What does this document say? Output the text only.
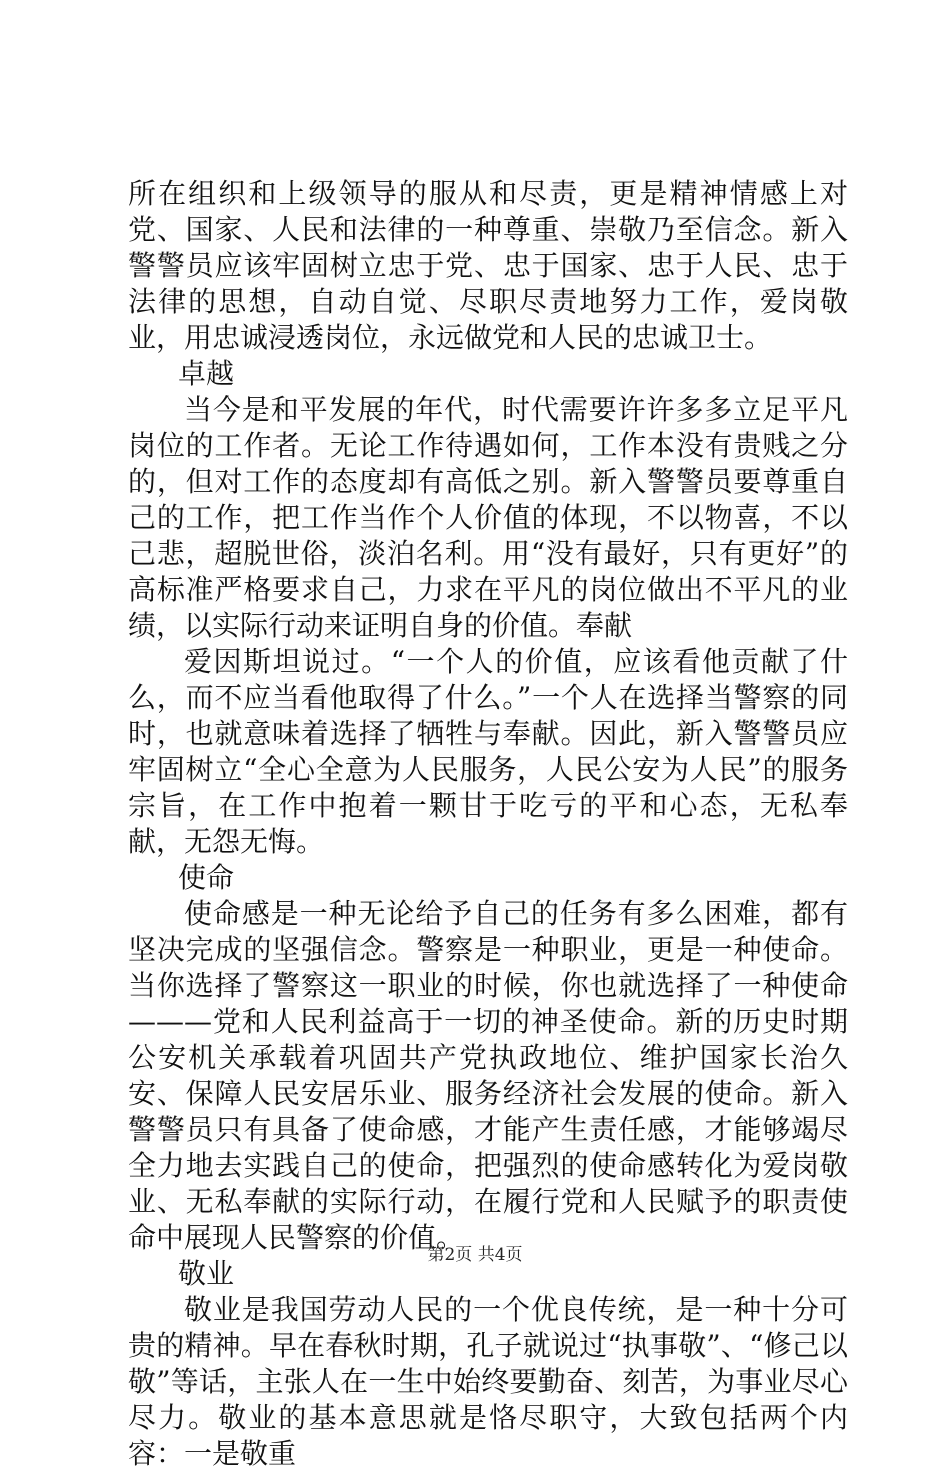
所在组织和上级领导的服从和尽责，更是精神情感上对党、国家、人民和法律的一种尊重、崇敬乃至信念。新入警警员应该牢固树立忠于党、忠于国家、忠于人民、忠于法律的思想，自动自觉、尽职尽责地努力工作，爱岗敬业，用忠诚浸透岗位，永远做党和人民的忠诚卫士。

卓越

当今是和平发展的年代，时代需要许许多多立足平凡岗位的工作者。无论工作待遇如何，工作本没有贵贱之分的，但对工作的态度却有高低之别。新入警警员要尊重自己的工作，把工作当作个人价值的体现，不以物喜，不以己悲，超脱世俗，淡泊名利。用“没有最好，只有更好”的高标准严格要求自己，力求在平凡的岗位做出不平凡的业绩，以实际行动来证明自身的价值。奉献

爱因斯坦说过。“一个人的价值，应该看他贡献了什么，而不应当看他取得了什么。”一个人在选择当警察的同时，也就意味着选择了牺牲与奉献。因此，新入警警员应牢固树立“全心全意为人民服务，人民公安为人民”的服务宗旨，在工作中抱着一颗甘于吃亏的平和心态，无私奉献，无怨无悔。

使命

使命感是一种无论给予自己的任务有多么困难，都有坚决完成的坚强信念。警察是一种职业，更是一种使命。当你选择了警察这一职业的时候，你也就选择了一种使命———党和人民利益高于一切的神圣使命。新的历史时期公安机关承载着巩固共产党执政地位、维护国家长治久安、保障人民安居乐业、服务经济社会发展的使命。新入警警员只有具备了使命感，才能产生责任感，才能够竭尽全力地去实践自己的使命，把强烈的使命感转化为爱岗敬业、无私奉献的实际行动，在履行党和人民赋予的职责使命中展现人民警察的价值。

敬业

敬业是我国劳动人民的一个优良传统，是一种十分可贵的精神。早在春秋时期，孔子就说过“执事敬”、“修己以敬”等话，主张人在一生中始终要勤奋、刻苦，为事业尽心尽力。敬业的基本意思就是恪尽职守，大致包括两个内容：一是敬重

第2页 共4页
